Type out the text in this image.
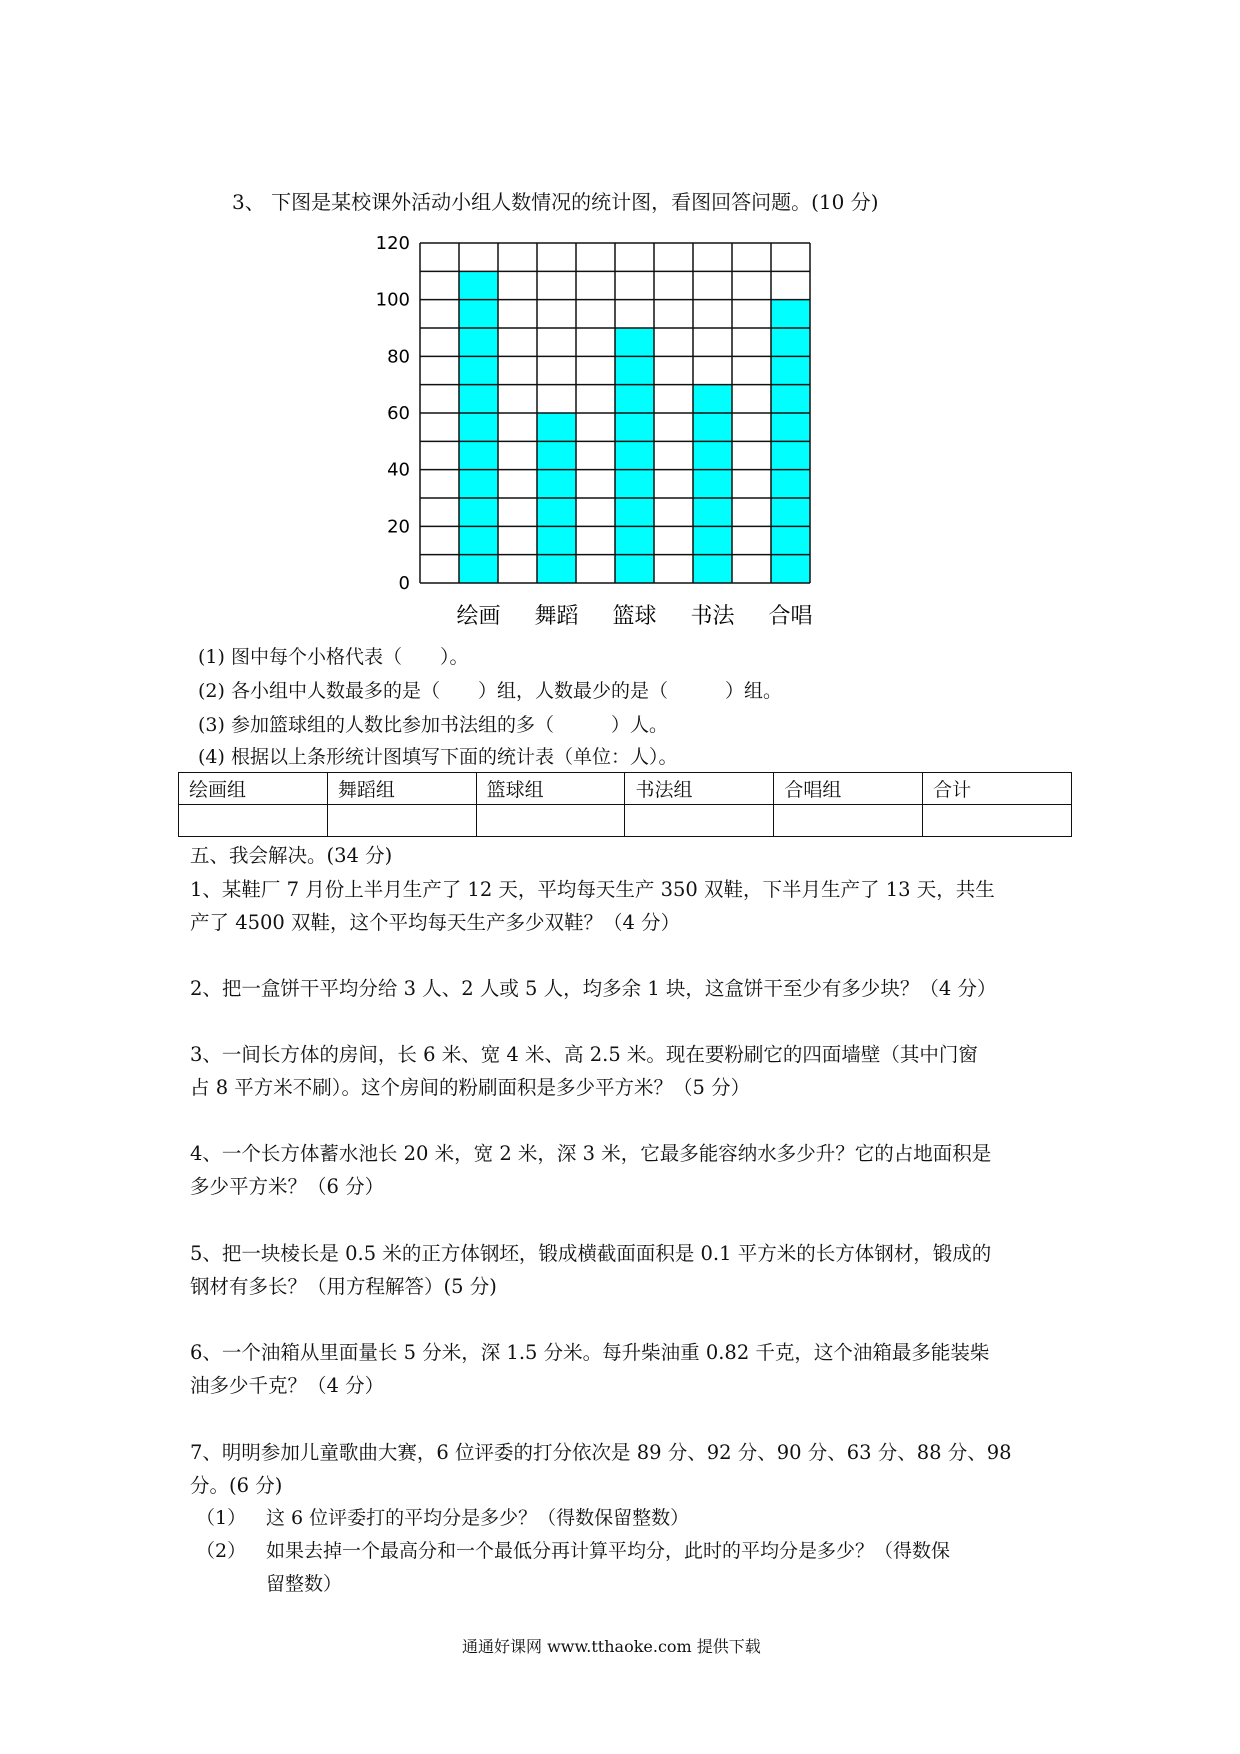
3、 下图是某校课外活动小组人数情况的统计图，看图回答问题。(10 分)
0
20
40
60
80
100
120
绘画 舞蹈 篮球 书法 合唱
(1) 图中每个小格代表（　　）。
(2) 各小组中人数最多的是（　　）组，人数最少的是（　　　）组。
(3) 参加篮球组的人数比参加书法组的多（　　　）人。
(4) 根据以上条形统计图填写下面的统计表（单位：人）。
绘画组	舞蹈组	篮球组	书法组	合唱组	合计

五、我会解决。(34 分)
1、某鞋厂 7 月份上半月生产了 12 天，平均每天生产 350 双鞋，下半月生产了 13 天，共生
产了 4500 双鞋，这个平均每天生产多少双鞋？（4 分）
2、把一盒饼干平均分给 3 人、2 人或 5 人，均多余 1 块，这盒饼干至少有多少块？（4 分）
3、一间长方体的房间，长 6 米、宽 4 米、高 2.5 米。现在要粉刷它的四面墙壁（其中门窗
占 8 平方米不刷）。这个房间的粉刷面积是多少平方米？（5 分）
4、一个长方体蓄水池长 20 米，宽 2 米，深 3 米，它最多能容纳水多少升？它的占地面积是
多少平方米？（6 分）
5、把一块棱长是 0.5 米的正方体钢坯，锻成横截面面积是 0.1 平方米的长方体钢材，锻成的
钢材有多长？（用方程解答）(5 分)
6、一个油箱从里面量长 5 分米，深 1.5 分米。每升柴油重 0.82 千克，这个油箱最多能装柴
油多少千克？（4 分）
7、明明参加儿童歌曲大赛，6 位评委的打分依次是 89 分、92 分、90 分、63 分、88 分、98
分。(6 分)
（1） 这 6 位评委打的平均分是多少？（得数保留整数）
（2） 如果去掉一个最高分和一个最低分再计算平均分，此时的平均分是多少？（得数保
留整数）
通通好课网 www.tthaoke.com 提供下载
